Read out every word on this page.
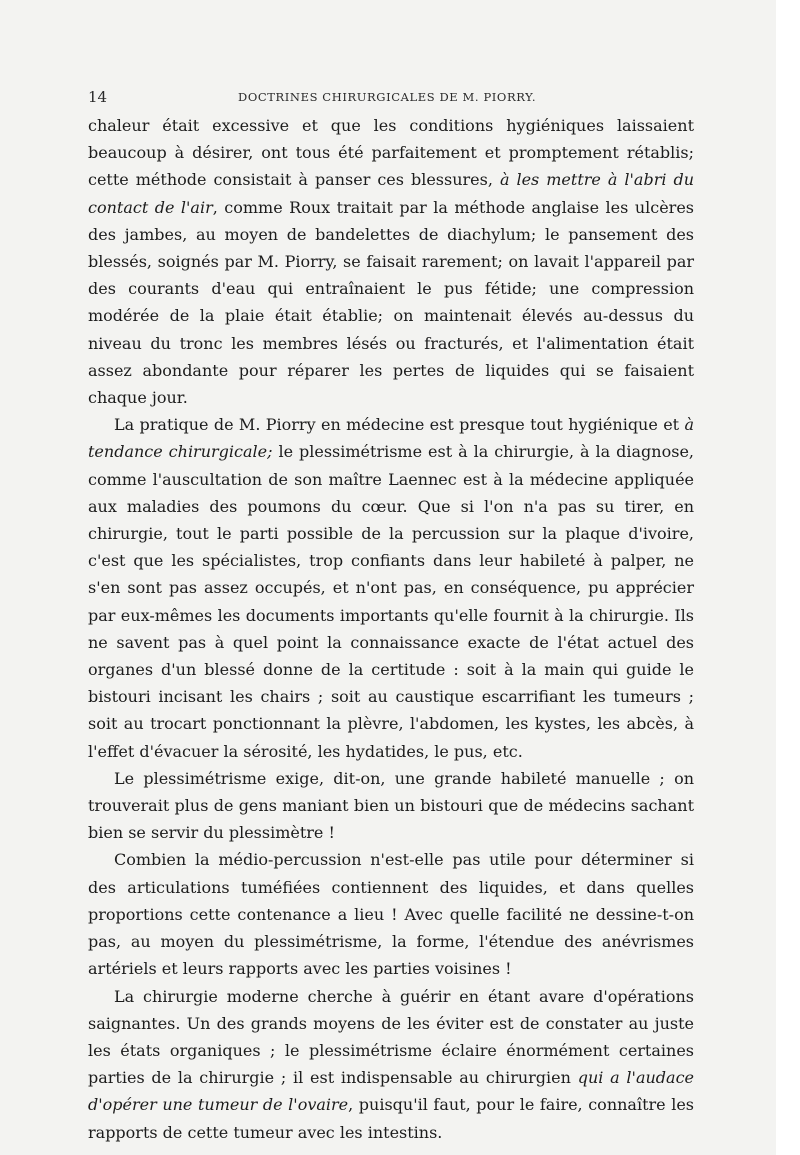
14	DOCTRINES CHIRURGICALES DE M. PIORRY.

chaleur était excessive et que les conditions hygiéniques laissaient beaucoup à désirer, ont tous été parfaitement et promptement rétablis; cette méthode consistait à panser ces blessures, à les mettre à l'abri du contact de l'air, comme Roux traitait par la méthode anglaise les ulcères des jambes, au moyen de bandelettes de diachylum; le pansement des blessés, soignés par M. Piorry, se faisait rarement; on lavait l'appareil par des courants d'eau qui entraînaient le pus fétide; une compression modérée de la plaie était établie; on maintenait élevés au-dessus du niveau du tronc les membres lésés ou fracturés, et l'alimentation était assez abondante pour réparer les pertes de liquides qui se faisaient chaque jour.

La pratique de M. Piorry en médecine est presque tout hygiénique et à tendance chirurgicale; le plessimétrisme est à la chirurgie, à la diagnose, comme l'auscultation de son maître Laennec est à la médecine appliquée aux maladies des poumons du cœur. Que si l'on n'a pas su tirer, en chirurgie, tout le parti possible de la percussion sur la plaque d'ivoire, c'est que les spécialistes, trop confiants dans leur habileté à palper, ne s'en sont pas assez occupés, et n'ont pas, en conséquence, pu apprécier par eux-mêmes les documents importants qu'elle fournit à la chirurgie. Ils ne savent pas à quel point la connaissance exacte de l'état actuel des organes d'un blessé donne de la certitude : soit à la main qui guide le bistouri incisant les chairs ; soit au caustique escarrifiant les tumeurs ; soit au trocart ponctionnant la plèvre, l'abdomen, les kystes, les abcès, à l'effet d'évacuer la sérosité, les hydatides, le pus, etc.

Le plessimétrisme exige, dit-on, une grande habileté manuelle ; on trouverait plus de gens maniant bien un bistouri que de médecins sachant bien se servir du plessimètre !

Combien la médio-percussion n'est-elle pas utile pour déterminer si des articulations tuméfiées contiennent des liquides, et dans quelles proportions cette contenance a lieu ! Avec quelle facilité ne dessine-t-on pas, au moyen du plessimétrisme, la forme, l'étendue des anévrismes artériels et leurs rapports avec les parties voisines !

La chirurgie moderne cherche à guérir en étant avare d'opérations saignantes. Un des grands moyens de les éviter est de constater au juste les états organiques ; le plessimétrisme éclaire énormément certaines parties de la chirurgie ; il est indispensable au chirurgien qui a l'audace d'opérer une tumeur de l'ovaire, puisqu'il faut, pour le faire, connaître les rapports de cette tumeur avec les intestins.
